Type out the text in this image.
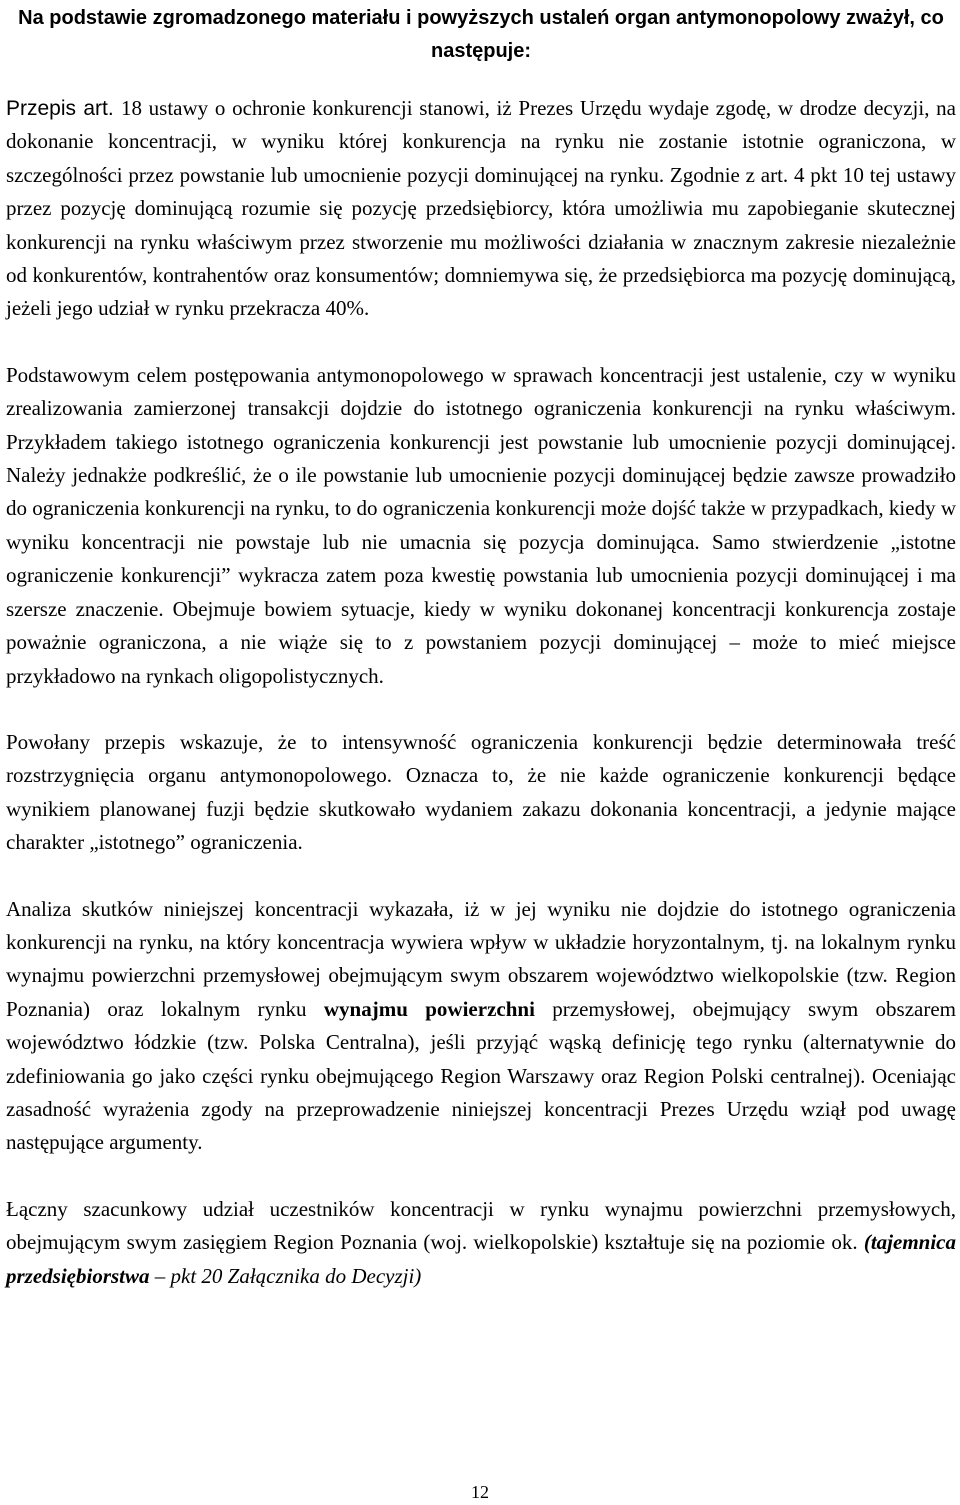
Na podstawie zgromadzonego materiału i powyższych ustaleń organ antymonopolowy zważył, co następuje:

Przepis art. 18 ustawy o ochronie konkurencji stanowi, iż Prezes Urzędu wydaje zgodę, w drodze decyzji, na dokonanie koncentracji, w wyniku której konkurencja na rynku nie zostanie istotnie ograniczona, w szczególności przez powstanie lub umocnienie pozycji dominującej na rynku. Zgodnie z art. 4 pkt 10 tej ustawy przez pozycję dominującą rozumie się pozycję przedsiębiorcy, która umożliwia mu zapobieganie skutecznej konkurencji na rynku właściwym przez stworzenie mu możliwości działania w znacznym zakresie niezależnie od konkurentów, kontrahentów oraz konsumentów; domniemywa się, że przedsiębiorca ma pozycję dominującą, jeżeli jego udział w rynku przekracza 40%.

Podstawowym celem postępowania antymonopolowego w sprawach koncentracji jest ustalenie, czy w wyniku zrealizowania zamierzonej transakcji dojdzie do istotnego ograniczenia konkurencji na rynku właściwym. Przykładem takiego istotnego ograniczenia konkurencji jest powstanie lub umocnienie pozycji dominującej. Należy jednakże podkreślić, że o ile powstanie lub umocnienie pozycji dominującej będzie zawsze prowadziło do ograniczenia konkurencji na rynku, to do ograniczenia konkurencji może dojść także w przypadkach, kiedy w wyniku koncentracji nie powstaje lub nie umacnia się pozycja dominująca. Samo stwierdzenie „istotne ograniczenie konkurencji” wykracza zatem poza kwestię powstania lub umocnienia pozycji dominującej i ma szersze znaczenie. Obejmuje bowiem sytuacje, kiedy w wyniku dokonanej koncentracji konkurencja zostaje poważnie ograniczona, a nie wiąże się to z powstaniem pozycji dominującej – może to mieć miejsce przykładowo na rynkach oligopolistycznych.

Powołany przepis wskazuje, że to intensywność ograniczenia konkurencji będzie determinowała treść rozstrzygnięcia organu antymonopolowego. Oznacza to, że nie każde ograniczenie konkurencji będące wynikiem planowanej fuzji będzie skutkowało wydaniem zakazu dokonania koncentracji, a jedynie mające charakter „istotnego” ograniczenia.

Analiza skutków niniejszej koncentracji wykazała, iż w jej wyniku nie dojdzie do istotnego ograniczenia konkurencji na rynku, na który koncentracja wywiera wpływ w układzie horyzontalnym, tj. na lokalnym rynku wynajmu powierzchni przemysłowej obejmującym swym obszarem województwo wielkopolskie (tzw. Region Poznania) oraz lokalnym rynku wynajmu powierzchni przemysłowej, obejmujący swym obszarem województwo łódzkie (tzw. Polska Centralna), jeśli przyjąć wąską definicję tego rynku (alternatywnie do zdefiniowania go jako części rynku obejmującego Region Warszawy oraz Region Polski centralnej). Oceniając zasadność wyrażenia zgody na przeprowadzenie niniejszej koncentracji Prezes Urzędu wziął pod uwagę następujące argumenty.

Łączny szacunkowy udział uczestników koncentracji w rynku wynajmu powierzchni przemysłowych, obejmującym swym zasięgiem Region Poznania (woj. wielkopolskie) kształtuje się na poziomie ok. (tajemnica przedsiębiorstwa – pkt 20 Załącznika do Decyzji)

12
